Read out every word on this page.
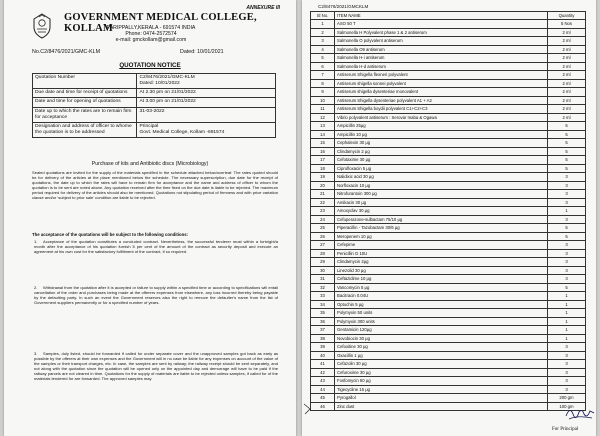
ANNEXURE III
GOVERNMENT MEDICAL COLLEGE, KOLLAM
PARIPPALLY,KERALA - 691574 INDIA
Phone: 0474-2572574
e-mail: gmckollam@gmail.com
No.C2/8476/2021/GMC-KLM	Dated: 10/01/2021
QUOTATION NOTICE
Quotation Number	C2/8476/2021/GMC-KLM
Dated: 10/01/2022
Due date and time for receipt of quotations	At 2.30 pm on 21/01/2022
Date and time for opening of quotations	At 3.00 pm on 21/01/2022
Date up to which the rates are to remain firm for acceptance	31-03-2022
Designation and address of officer to whome the quotation is to be addressed	Principal
Govt. Medical College, Kollam -691574
Purchase of kits and Antibiotic discs (Microbiology)
Sealed quotations are invited for the supply of the materials specified in the schedule attached below/overleaf. The rates quoted should be for delivery of the articles at the place mentioned below the schedule. The necessary superscription, due date for the receipt of quotations, the date up to which the rates will have to remain firm for acceptance and the name and address of officer to whom the quotation is to be sent are noted above. Any quotation received after the time fixed on the due date is liable to be rejected. The maximum period required for delivery of the articles should also be mentioned. Quotations not stipulating period of firmness and with price variation clause and/or 'subject to prior sale' condition are liable to be rejected.
The acceptance of the quotations will be subject to the following conditions:
1. Acceptance of the quotation constitutes a concluded contract. Nevertheless, the successful tenderer must within a fortnight/a month after the acceptance of his quotation furnish 5 per cent of the amount of the contract as security deposit and execute an agreement at his own cost for the satisfactory fulfillment of the contract, if so required.
2. Withdrawal from the quotation after it is accepted or failure to supply within a specified time or according to specifications will entail cancellation of the order and purchases being made at the offerers expenses from elsewhere, any loss incurred thereby being payable by the defaulting party. In such an event the Government reserves also the right to remove the defaulter's name from the list of Government suppliers permanently or for a specified number of years.
3. Samples, duly listed, should be forwarded if called for under separate cover and the unapproved samples got back as early as possible by the offerers at their own expenses and the Government will in no case be liable for any expenses on account of the value of the samples or their transport charges, etc. In case, the samples are sent by railway; the railway receipt should be sent separately, and not along with the quotation since the quotation will be opened only on the appointed day and demurrage will have to be paid if the railway parcels are not cleared in time. Quotations for the supply of materials are liable to be rejected unless samples, if called for of the materials tendered for are forwarded. The approved samples may
C2/8476/2021/GMCKLM
Sl No.	ITEM NAME	Quantity
1	ASO 50 T	5 Nos
2	Salmonella H Polyvalent phase 1 & 2 antiserum	2 ml
3	Salmonella O polyvalent antiserum	2 ml
4	Salmonella O9 antiserum	2 ml
5	Salmonella H-i antiserum	2 ml
6	Salmonella H-d antiserum	2 ml
7	Antiserum Shigella flexneri polyvalent	2 ml
8	Antiserum shigella sonnei polyvalent	2 ml
9	Antiserum shigella dysenteriae monovalent	2 ml
10	Antiserum Shigella dysenteriae polyvalent A1 + A2	2 ml
11	Antiserum Shigella boydii polyvalent C1+C2+C3	2 ml
12	Vibrio polyvalent antiserum : Serovar Inaba & Ogawa	2 ml
13	Ampicillin 25μg	5
14	Ampicillin 10 μg	5
15	Cephalexin 30 μg	5
16	Clindamycin 2 μg	5
17	Cefotaxime 30 μg	5
18	Ciprofloxacin 5 μg	5
19	Nalidixic acid 30 μg	3
20	Norfloxacin 10 μg	3
21	Nitrofurantoin 300 μg	3
22	Amikacin 30 μg	3
23	Amoxyclav 30 μg	1
24	Cefoperazone-sulbactam 75/10 μg	3
25	Piperacillin - Tazobactam 30/6 μg	5
26	Meropenem 10 μg	5
27	Cefepime	3
28	Penicillin G 10U	3
29	Clindamycin 2μg	3
30	Linezolid 30 μg	3
31	Ceftazidime 10 μg	3
32	Vancomycin 5 μg	5
33	Bacitracin 0.04U	1
34	Optochin 5 μg	1
35	Polymyxin 50 units	1
36	Polymyxin 300 units	1
37	Gentamicin 120μg	1
38	Novobiocin 30 μg	1
39	Cefoxitine 30 μg	3
40	Oxacillin 1 μg	3
41	Cefazolin 30 μg	3
42	Cefuroxime 30 μg	3
43	Fosfomycin 50 μg	3
44	Tigecycline 15 μg	3
45	Pyrogallol	200 gm
46	Zinc dust	100 gm
For Principal
